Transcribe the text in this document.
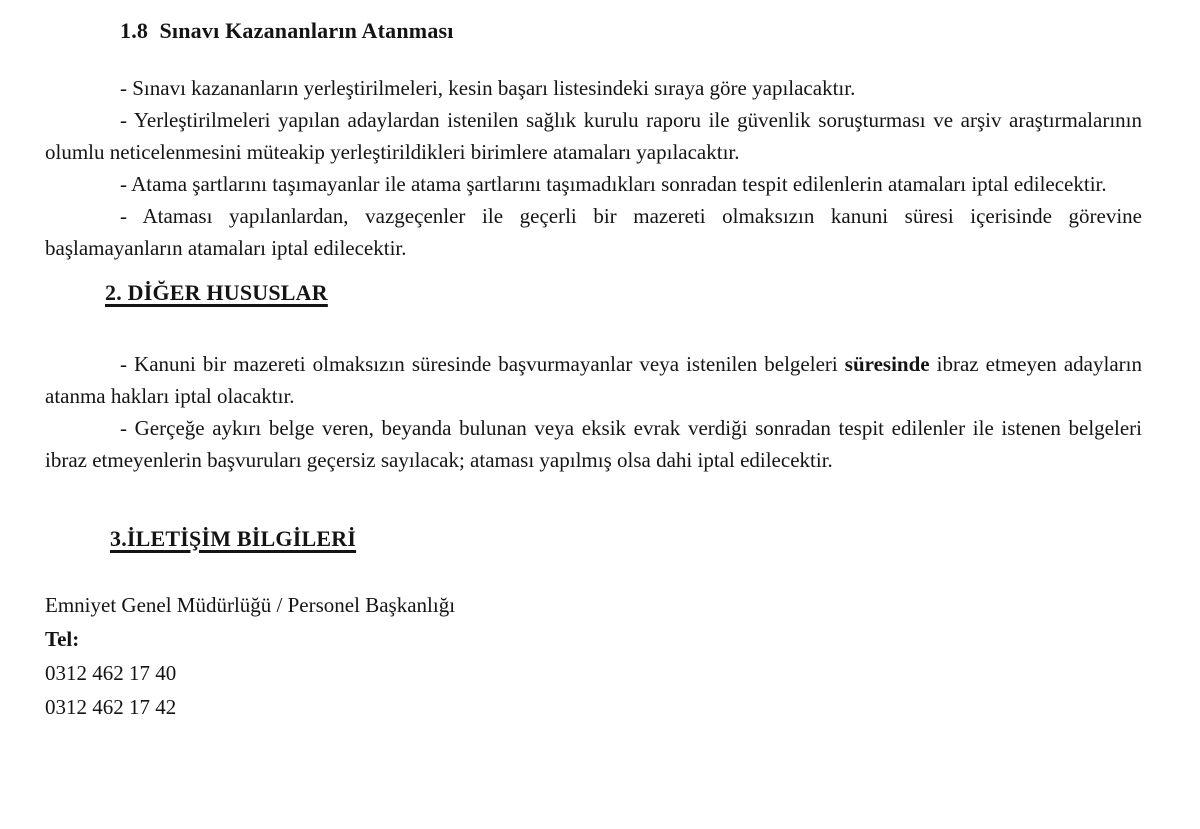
1.8  Sınavı Kazananların Atanması

- Sınavı kazananların yerleştirilmeleri, kesin başarı listesindeki sıraya göre yapılacaktır.

- Yerleştirilmeleri yapılan adaylardan istenilen sağlık kurulu raporu ile güvenlik soruşturması ve arşiv araştırmalarının olumlu neticelenmesini müteakip yerleştirildikleri birimlere atamaları yapılacaktır.

- Atama şartlarını taşımayanlar ile atama şartlarını taşımadıkları sonradan tespit edilenlerin atamaları iptal edilecektir.

- Ataması yapılanlardan, vazgeçenler ile geçerli bir mazereti olmaksızın kanuni süresi içerisinde görevine başlamayanların atamaları iptal edilecektir.

2. DİĞER HUSUSLAR

- Kanuni bir mazereti olmaksızın süresinde başvurmayanlar veya istenilen belgeleri süresinde ibraz etmeyen adayların atanma hakları iptal olacaktır.

- Gerçeğe aykırı belge veren, beyanda bulunan veya eksik evrak verdiği sonradan tespit edilenler ile istenen belgeleri ibraz etmeyenlerin başvuruları geçersiz sayılacak; ataması yapılmış olsa dahi iptal edilecektir.

3.İLETİŞİM BİLGİLERİ

Emniyet Genel Müdürlüğü / Personel Başkanlığı

Tel:

0312 462 17 40

0312 462 17 42
